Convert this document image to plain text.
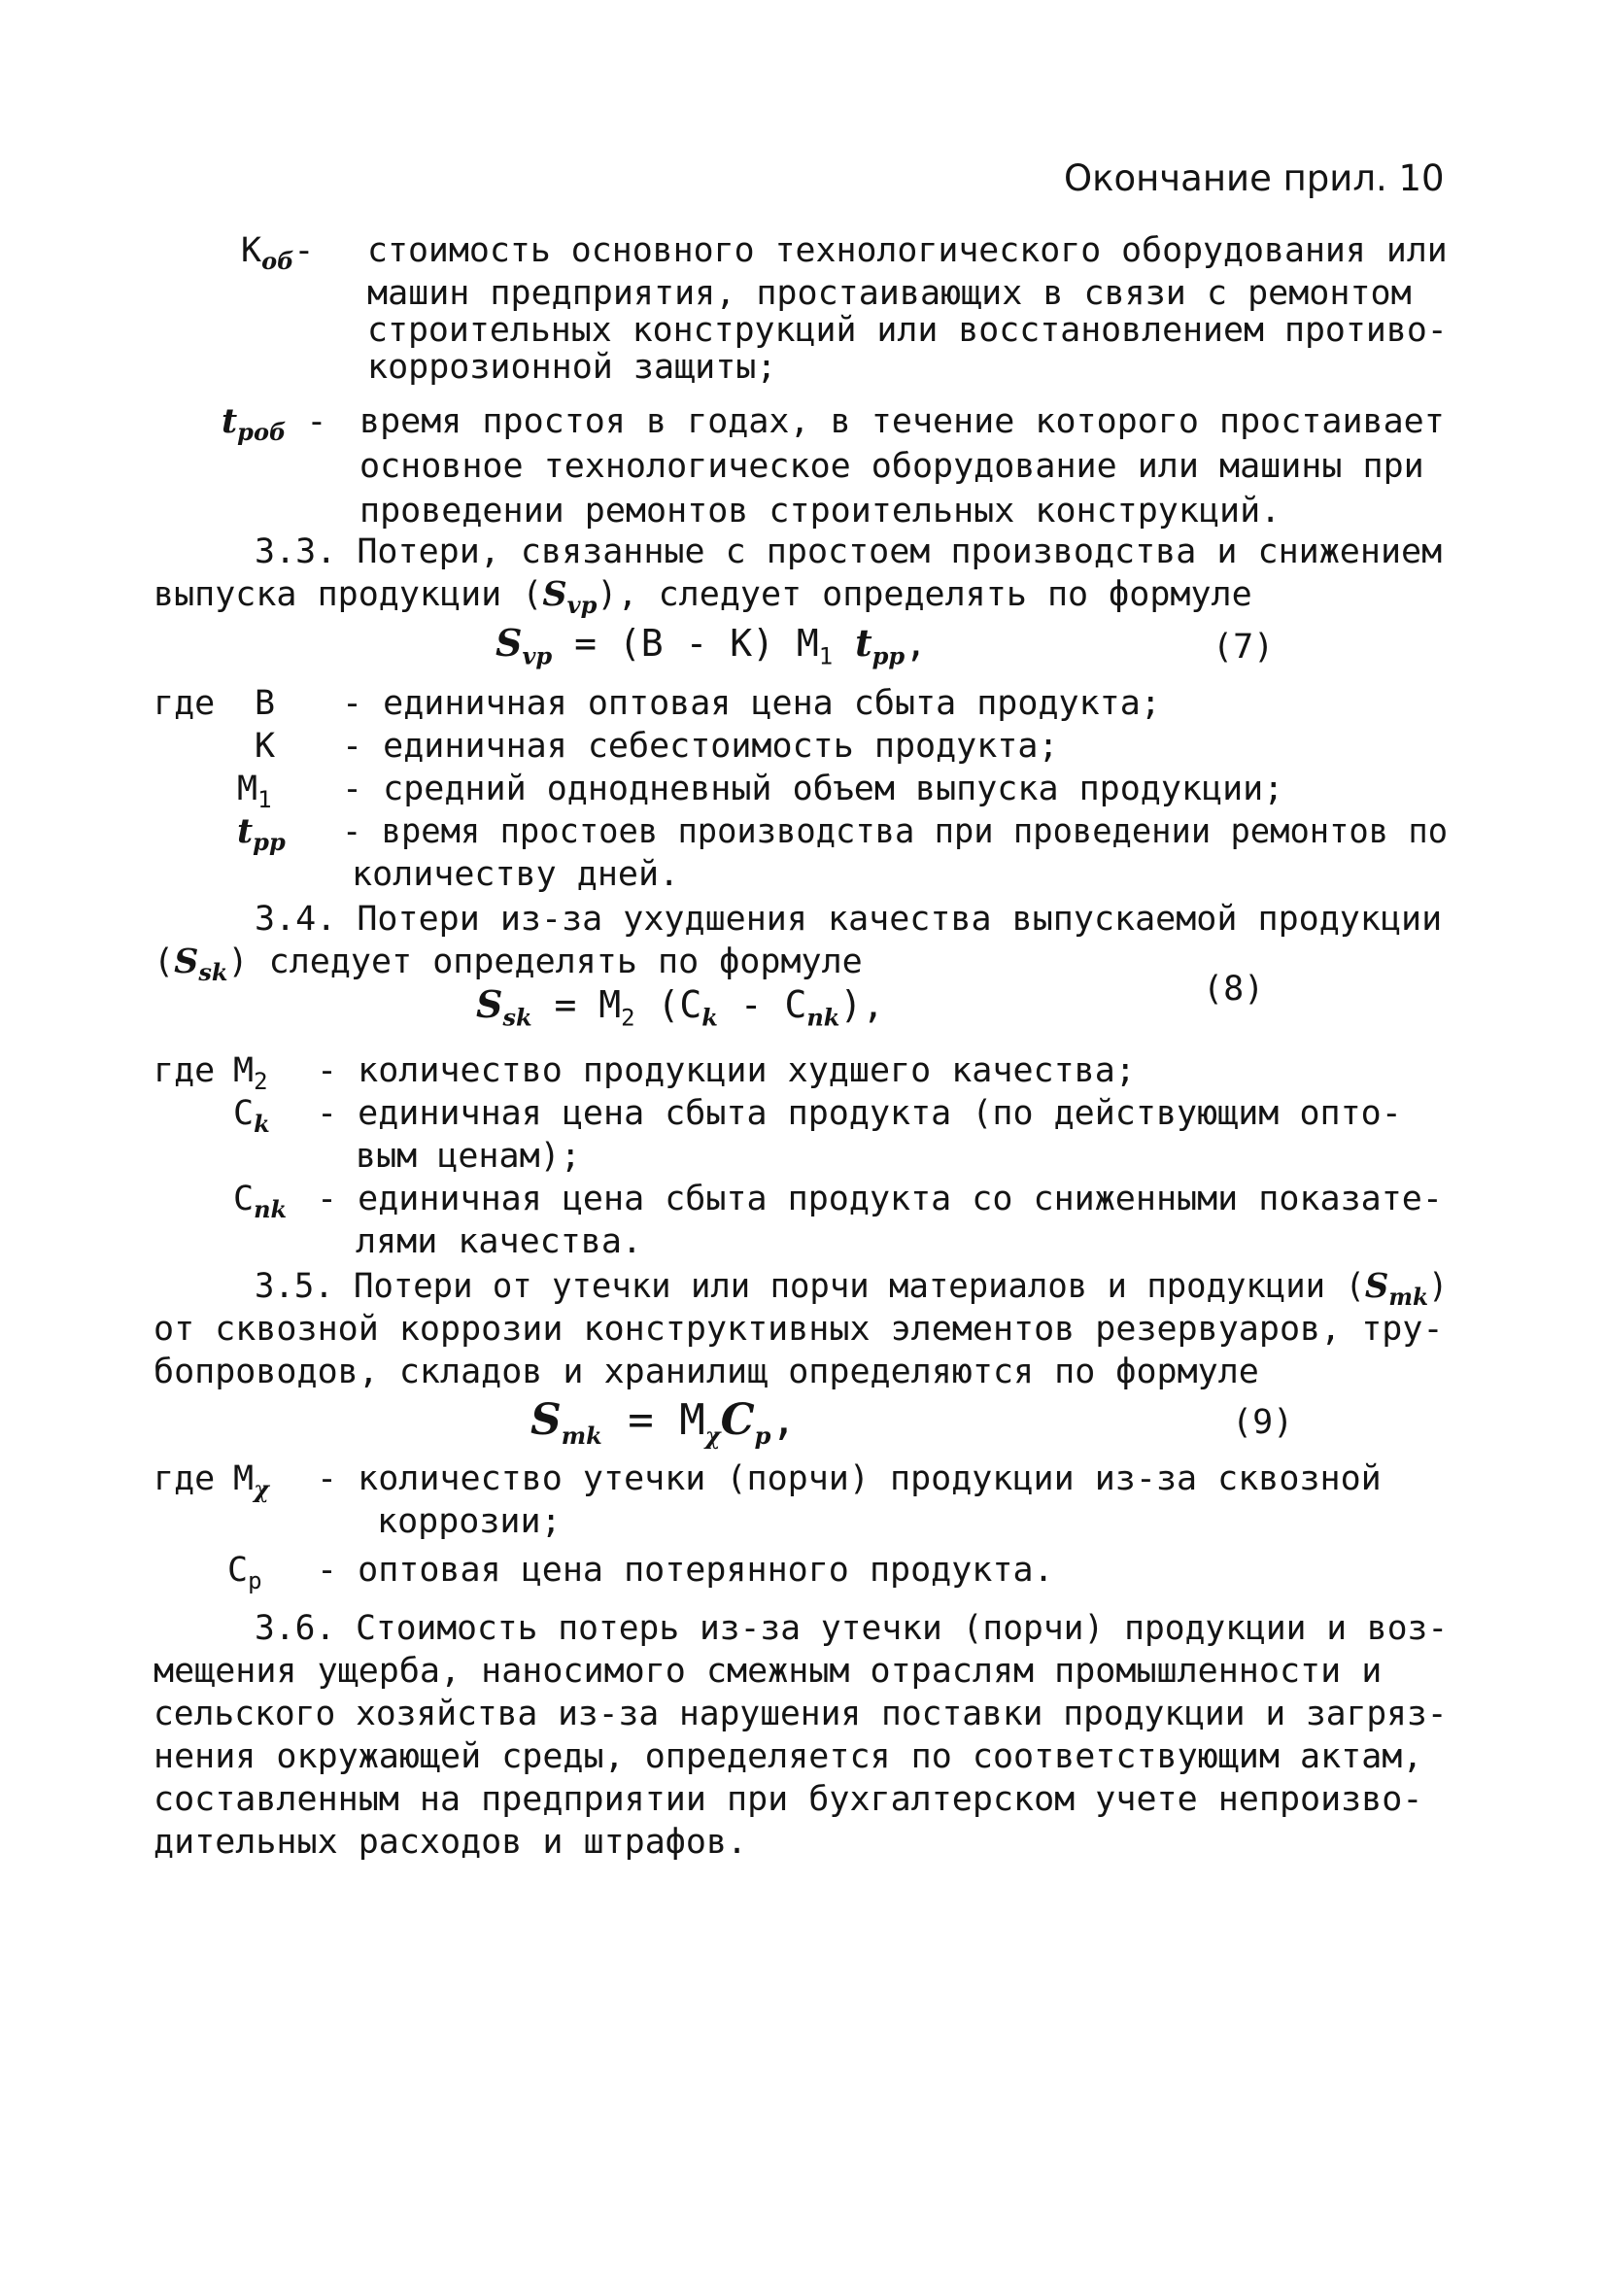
Окончание прил. 10
$K_{об}-$ стоимость основного технологического оборудования или
машин предприятия, простаивающих в связи с ремонтом
строительных конструкций или восстановлением противо-
коррозионной защиты;
$t_{роб}$ - время простоя в годах, в течение которого простаивает
основное технологическое оборудование или машины при
проведении ремонтов строительных конструкций.
3.3. Потери, связанные с простоем производства и снижением
выпуска продукции $(S_{vp})$, следует определять по формуле
$S_{vp} = (B - K)$ $M_1$ $t_{pp}$,	(7)
где B - единичная оптовая цена сбыта продукта;
K - единичная себестоимость продукта;
$M_1$ - средний однодневный объем выпуска продукции;
$t_{pp}$ - время простоев производства при проведении ремонтов по
количеству дней.
3.4. Потери из-за ухудшения качества выпускаемой продукции
$(S_{sk})$ следует определять по формуле
$S_{sk} = M_2$ $(C_k - C_{nk})$,	(8)
где $M_2$ - количество продукции худшего качества;
$C_k$ - единичная цена сбыта продукта (по действующим опто-
вым ценам);
$C_{nk}$ - единичная цена сбыта продукта со сниженными показате-
лями качества.
3.5. Потери от утечки или порчи материалов и продукции $(S_{mk})$
от сквозной коррозии конструктивных элементов резервуаров, тру-
бопроводов, складов и хранилищ определяются по формуле
$S_{mk} = M_\chi C_p$,	(9)
где $M_\chi$ - количество утечки (порчи) продукции из-за сквозной
коррозии;
$C_p$ - оптовая цена потерянного продукта.
3.6. Стоимость потерь из-за утечки (порчи) продукции и воз-
мещения ущерба, наносимого смежным отраслям промышленности и
сельского хозяйства из-за нарушения поставки продукции и загряз-
нения окружающей среды, определяется по соответствующим актам,
составленным на предприятии при бухгалтерском учете непроизво-
дительных расходов и штрафов.
